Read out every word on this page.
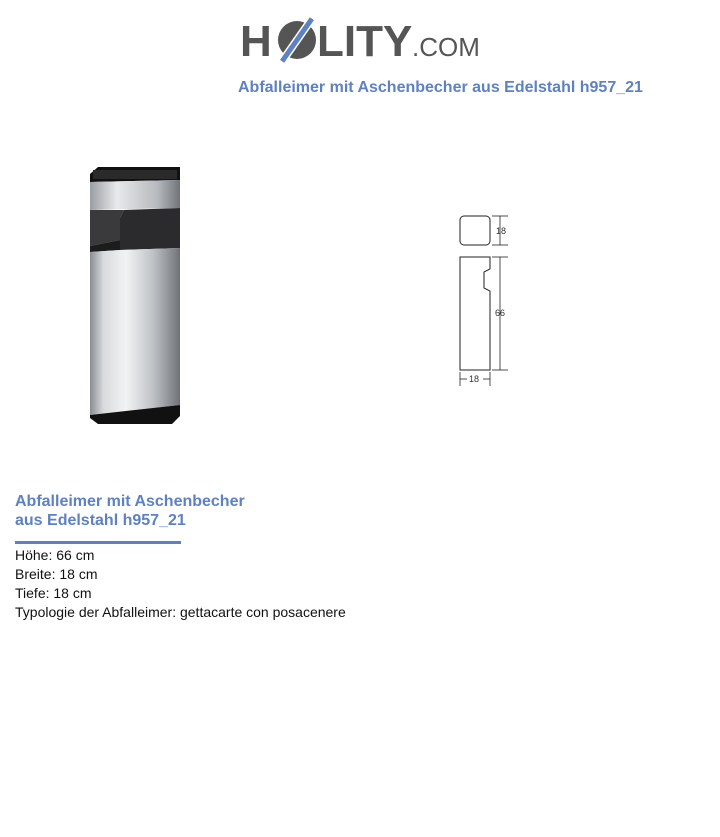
H LITY .COM
Abfalleimer mit Aschenbecher aus Edelstahl h957_21
18
66
18
Abfalleimer mit Aschenbecher
aus Edelstahl h957_21
Höhe: 66 cm
Breite: 18 cm
Tiefe: 18 cm
Typologie der Abfalleimer: gettacarte con posacenere
